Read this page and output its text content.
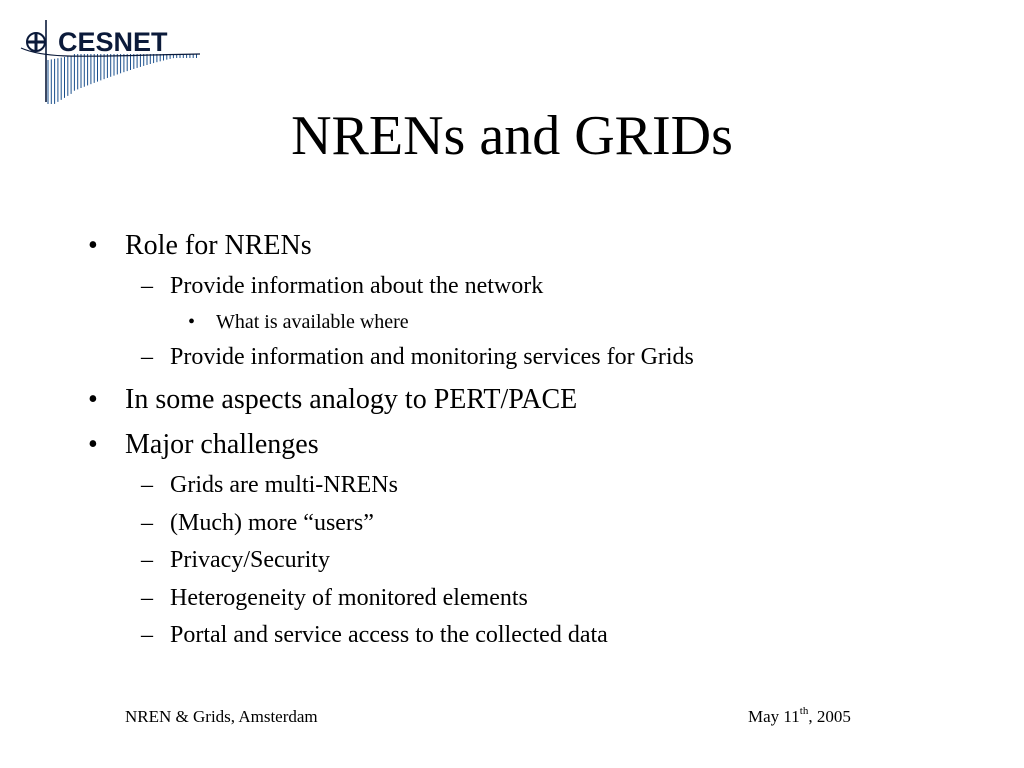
CESNET
NRENs and GRIDs
• Role for NRENs
– Provide information about the network
• What is available where
– Provide information and monitoring services for Grids
• In some aspects analogy to PERT/PACE
• Major challenges
– Grids are multi-NRENs
– (Much) more “users”
– Privacy/Security
– Heterogeneity of monitored elements
– Portal and service access to the collected data
NREN & Grids, Amsterdam	May 11th, 2005
